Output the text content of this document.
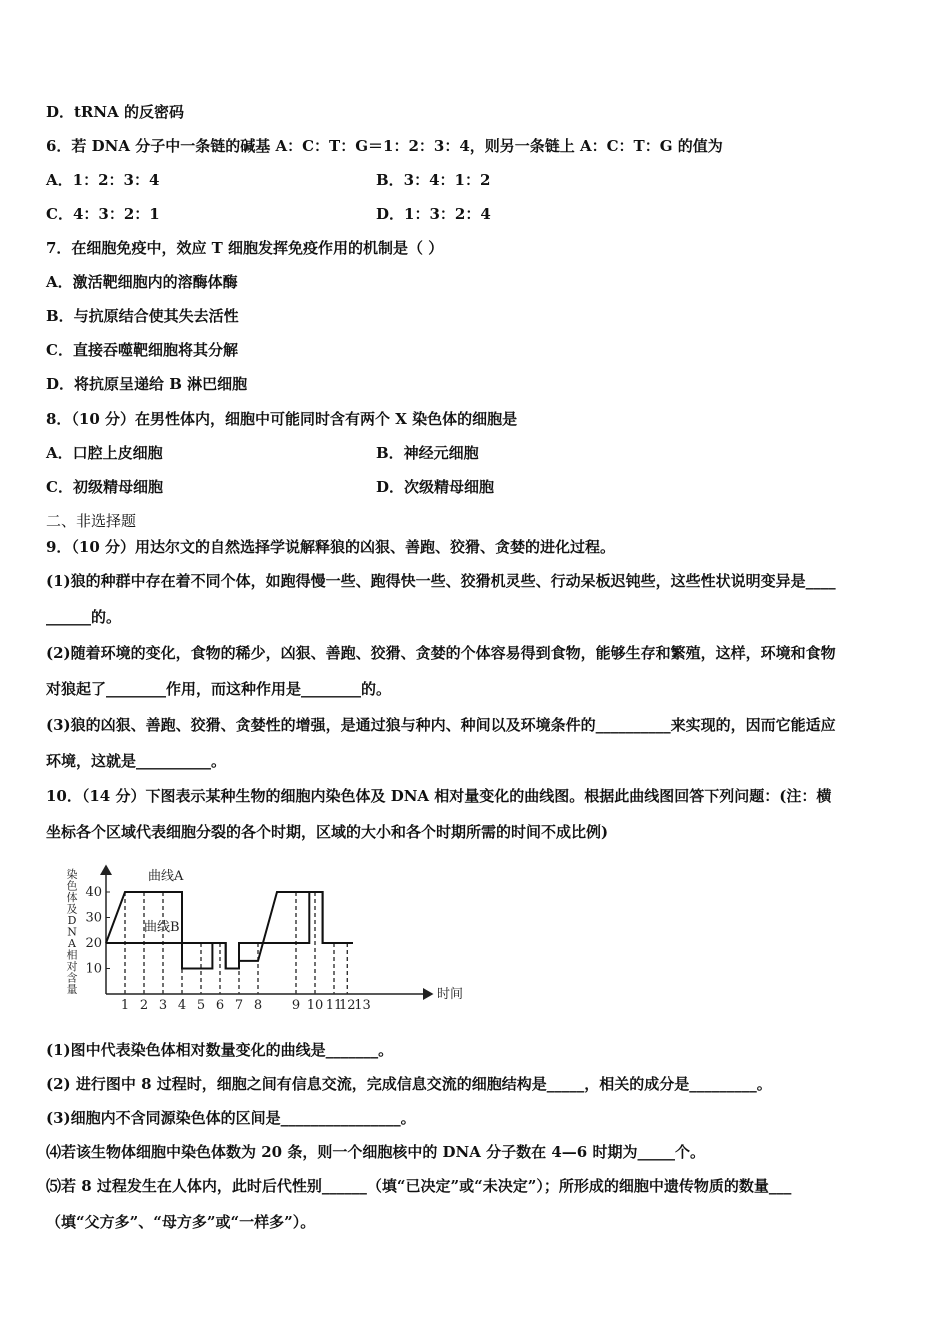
D．tRNA 的反密码
6．若 DNA 分子中一条链的碱基 A：C：T：G＝1：2：3：4，则另一条链上 A：C：T：G 的值为
A．1：2：3：4	B．3：4：1：2
C．4：3：2：1	D．1：3：2：4
7．在细胞免疫中，效应 T 细胞发挥免疫作用的机制是（ ）
A．激活靶细胞内的溶酶体酶
B．与抗原结合使其失去活性
C．直接吞噬靶细胞将其分解
D．将抗原呈递给 B 淋巴细胞
8．（10 分）在男性体内，细胞中可能同时含有两个 X 染色体的细胞是
A．口腔上皮细胞	B．神经元细胞
C．初级精母细胞	D．次级精母细胞
二、非选择题
9．（10 分）用达尔文的自然选择学说解释狼的凶狠、善跑、狡猾、贪婪的进化过程。
(1)狼的种群中存在着不同个体，如跑得慢一些、跑得快一些、狡猾机灵些、行动呆板迟钝些，这些性状说明变异是____
______的。
(2)随着环境的变化，食物的稀少，凶狠、善跑、狡猾、贪婪的个体容易得到食物，能够生存和繁殖，这样，环境和食物
对狼起了________作用，而这种作用是________的。
(3)狼的凶狠、善跑、狡猾、贪婪性的增强，是通过狼与种内、种间以及环境条件的__________来实现的，因而它能适应
环境，这就是__________。
10．（14 分）下图表示某种生物的细胞内染色体及 DNA 相对量变化的曲线图。根据此曲线图回答下列问题：(注：横
坐标各个区域代表细胞分裂的各个时期，区域的大小和各个时期所需的时间不成比例)
染
色
体
及
D
N
A
相
对
含
量
40
30
20
10
1 2 3 4 5 6 7 8 9 10 11
12
13
时间
曲线A
曲线B
(1)图中代表染色体相对数量变化的曲线是_______。
(2) 进行图中 8 过程时，细胞之间有信息交流，完成信息交流的细胞结构是_____，相关的成分是_________。
(3)细胞内不含同源染色体的区间是________________。
⑷若该生物体细胞中染色体数为 20 条，则一个细胞核中的 DNA 分子数在 4—6 时期为_____个。
⑸若 8 过程发生在人体内，此时后代性别______（填“已决定”或“未决定”）；所形成的细胞中遗传物质的数量___
（填“父方多”、“母方多”或“一样多”）。
